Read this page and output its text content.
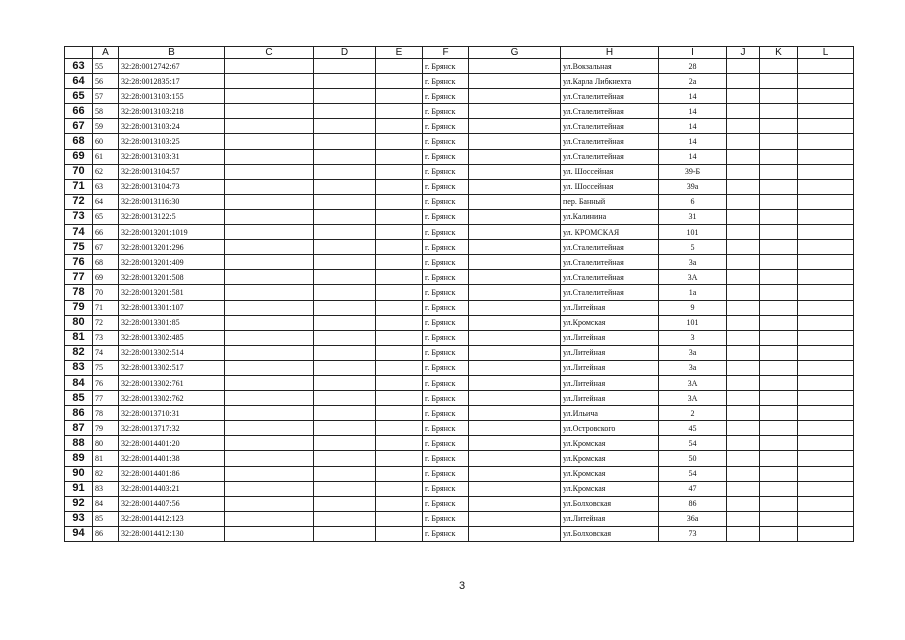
	A	B	C	D	E	F	G	H	I	J	K	L
63	55	32:28:0012742:67				г. Брянск		ул.Вокзальная	28			
64	56	32:28:0012835:17				г. Брянск		ул.Карла Либкнехта	2а			
65	57	32:28:0013103:155				г. Брянск		ул.Сталелитейная	14			
66	58	32:28:0013103:218				г. Брянск		ул.Сталелитейная	14			
67	59	32:28:0013103:24				г. Брянск		ул.Сталелитейная	14			
68	60	32:28:0013103:25				г. Брянск		ул.Сталелитейная	14			
69	61	32:28:0013103:31				г. Брянск		ул.Сталелитейная	14			
70	62	32:28:0013104:57				г. Брянск		ул. Шоссейная	39-Б			
71	63	32:28:0013104:73				г. Брянск		ул. Шоссейная	39а			
72	64	32:28:0013116:30				г. Брянск		пер. Банный	6			
73	65	32:28:0013122:5				г. Брянск		ул.Калинина	31			
74	66	32:28:0013201:1019				г. Брянск		ул. КРОМСКАЯ	101			
75	67	32:28:0013201:296				г. Брянск		ул.Сталелитейная	5			
76	68	32:28:0013201:409				г. Брянск		ул.Сталелитейная	3а			
77	69	32:28:0013201:508				г. Брянск		ул.Сталелитейная	3А			
78	70	32:28:0013201:581				г. Брянск		ул.Сталелитейная	1а			
79	71	32:28:0013301:107				г. Брянск		ул.Литейная	9			
80	72	32:28:0013301:85				г. Брянск		ул.Кромская	101			
81	73	32:28:0013302:485				г. Брянск		ул.Литейная	3			
82	74	32:28:0013302:514				г. Брянск		ул.Литейная	3а			
83	75	32:28:0013302:517				г. Брянск		ул.Литейная	3а			
84	76	32:28:0013302:761				г. Брянск		ул.Литейная	3А			
85	77	32:28:0013302:762				г. Брянск		ул.Литейная	3А			
86	78	32:28:0013710:31				г. Брянск		ул.Ильича	2			
87	79	32:28:0013717:32				г. Брянск		ул.Островского	45			
88	80	32:28:0014401:20				г. Брянск		ул.Кромская	54			
89	81	32:28:0014401:38				г. Брянск		ул.Кромская	50			
90	82	32:28:0014401:86				г. Брянск		ул.Кромская	54			
91	83	32:28:0014403:21				г. Брянск		ул.Кромская	47			
92	84	32:28:0014407:56				г. Брянск		ул.Болховская	86			
93	85	32:28:0014412:123				г. Брянск		ул.Литейная	36а			
94	86	32:28:0014412:130				г. Брянск		ул.Болховская	73			
3
